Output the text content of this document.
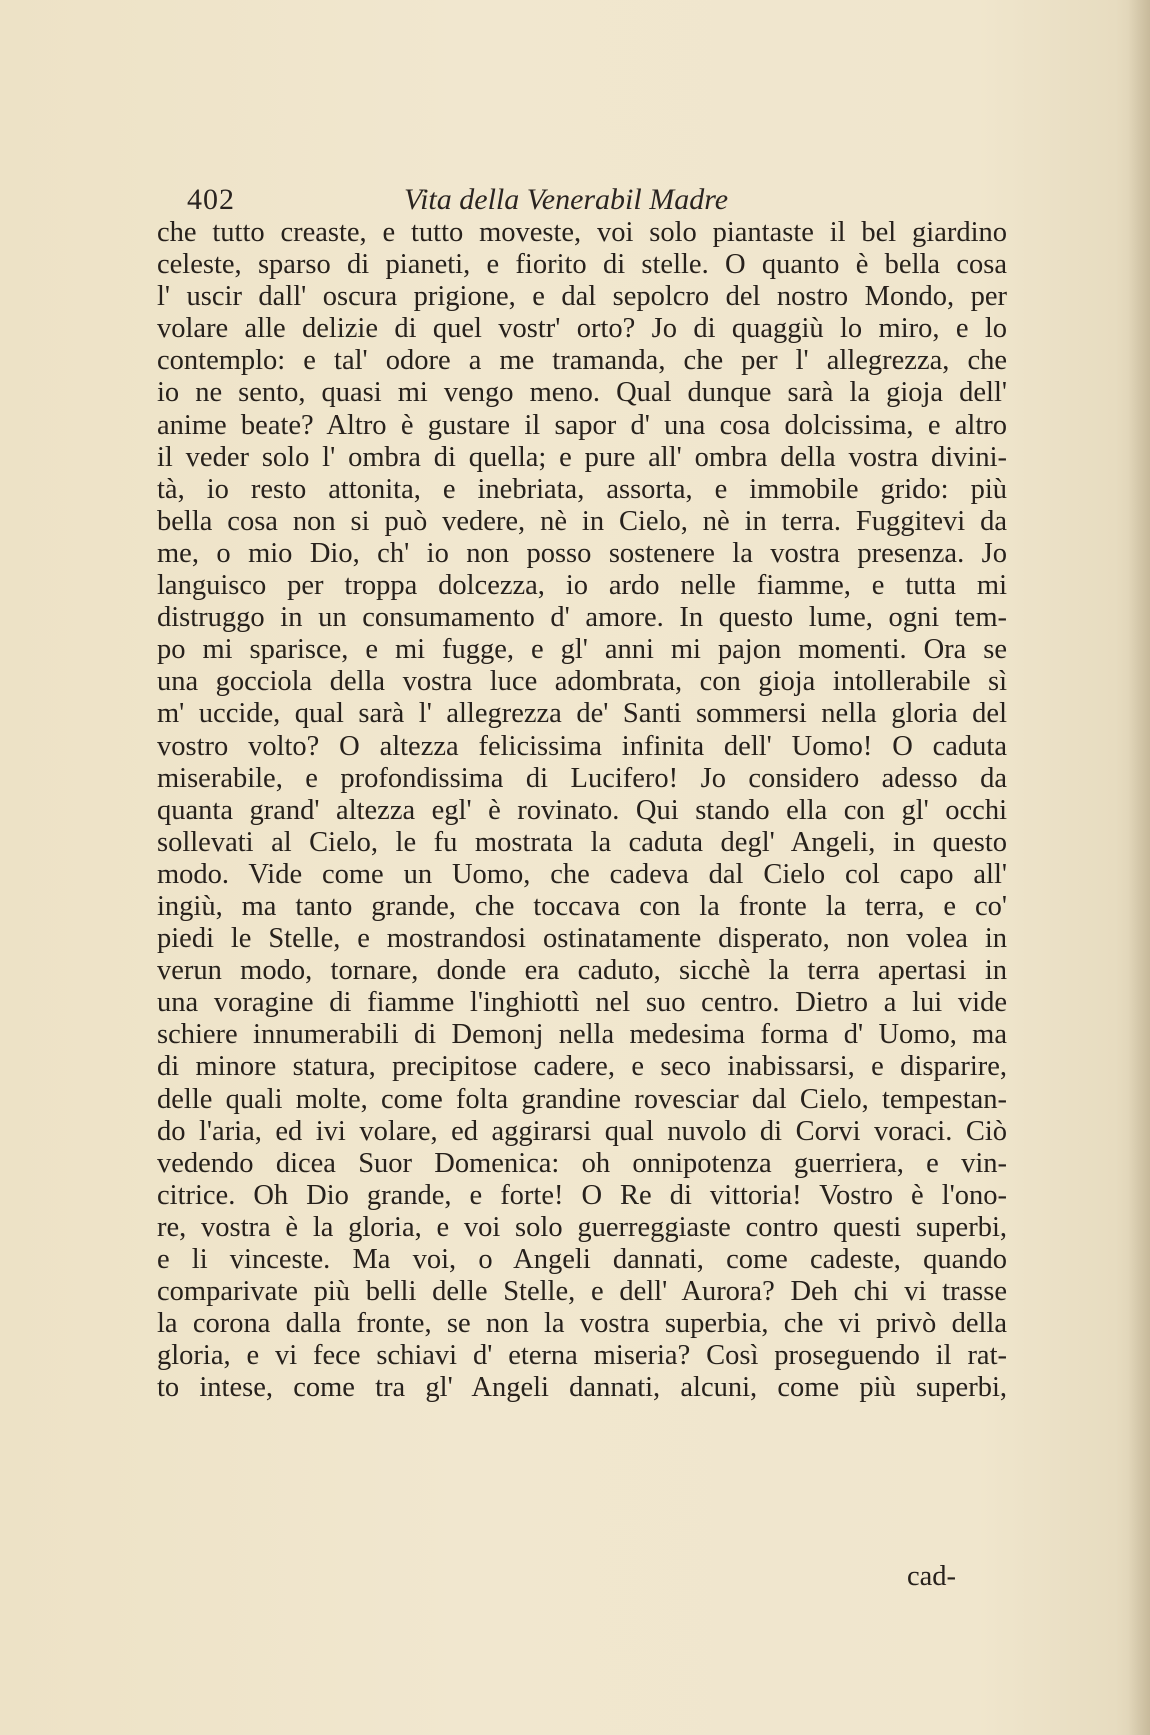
402	Vita della Venerabil Madre
che tutto creaste, e tutto moveste, voi solo piantaste il bel giardino
celeste, sparso di pianeti, e fiorito di stelle. O quanto è bella cosa
l' uscir dall' oscura prigione, e dal sepolcro del nostro Mondo, per
volare alle delizie di quel vostr' orto? Jo di quaggiù lo miro, e lo
contemplo: e tal' odore a me tramanda, che per l' allegrezza, che
io ne sento, quasi mi vengo meno. Qual dunque sarà la gioja dell'
anime beate? Altro è gustare il sapor d' una cosa dolcissima, e altro
il veder solo l' ombra di quella; e pure all' ombra della vostra divini-
tà, io resto attonita, e inebriata, assorta, e immobile grido: più
bella cosa non si può vedere, nè in Cielo, nè in terra. Fuggitevi da
me, o mio Dio, ch' io non posso sostenere la vostra presenza. Jo
languisco per troppa dolcezza, io ardo nelle fiamme, e tutta mi
distruggo in un consumamento d' amore. In questo lume, ogni tem-
po mi sparisce, e mi fugge, e gl' anni mi pajon momenti. Ora se
una gocciola della vostra luce adombrata, con gioja intollerabile sì
m' uccide, qual sarà l' allegrezza de' Santi sommersi nella gloria del
vostro volto? O altezza felicissima infinita dell' Uomo! O caduta
miserabile, e profondissima di Lucifero! Jo considero adesso da
quanta grand' altezza egl' è rovinato. Qui stando ella con gl' occhi
sollevati al Cielo, le fu mostrata la caduta degl' Angeli, in questo
modo. Vide come un Uomo, che cadeva dal Cielo col capo all'
ingiù, ma tanto grande, che toccava con la fronte la terra, e co'
piedi le Stelle, e mostrandosi ostinatamente disperato, non volea in
verun modo, tornare, donde era caduto, sicchè la terra apertasi in
una voragine di fiamme l'inghiottì nel suo centro. Dietro a lui vide
schiere innumerabili di Demonj nella medesima forma d' Uomo, ma
di minore statura, precipitose cadere, e seco inabissarsi, e disparire,
delle quali molte, come folta grandine rovesciar dal Cielo, tempestan-
do l'aria, ed ivi volare, ed aggirarsi qual nuvolo di Corvi voraci. Ciò
vedendo dicea Suor Domenica: oh onnipotenza guerriera, e vin-
citrice. Oh Dio grande, e forte! O Re di vittoria! Vostro è l'ono-
re, vostra è la gloria, e voi solo guerreggiaste contro questi superbi,
e li vinceste. Ma voi, o Angeli dannati, come cadeste, quando
comparivate più belli delle Stelle, e dell' Aurora? Deh chi vi trasse
la corona dalla fronte, se non la vostra superbia, che vi privò della
gloria, e vi fece schiavi d' eterna miseria? Così proseguendo il rat-
to intese, come tra gl' Angeli dannati, alcuni, come più superbi,
cad-
